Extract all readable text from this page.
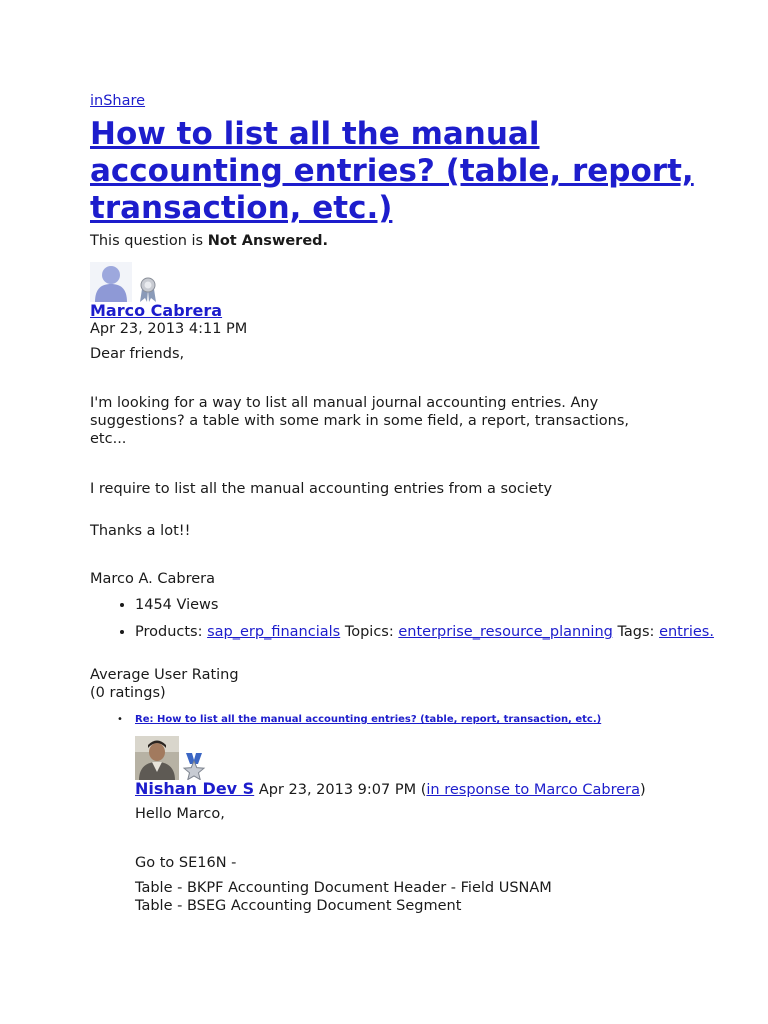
inShare
How to list all the manual accounting entries? (table, report, transaction, etc.)
This question is Not Answered.
Marco Cabrera
Apr 23, 2013 4:11 PM
Dear friends,
I'm looking for a way to list all manual journal accounting entries. Any suggestions? a table with some mark in some field, a report, transactions, etc...
I require to list all the manual accounting entries from a society
Thanks a lot!!
Marco A. Cabrera
• 1454 Views
• Products: sap_erp_financials Topics: enterprise_resource_planning Tags: entries.
Average User Rating
(0 ratings)
• Re: How to list all the manual accounting entries? (table, report, transaction, etc.)
Nishan Dev S Apr 23, 2013 9:07 PM (in response to Marco Cabrera)
Hello Marco,
Go to SE16N -
Table - BKPF Accounting Document Header - Field USNAM
Table - BSEG Accounting Document Segment
